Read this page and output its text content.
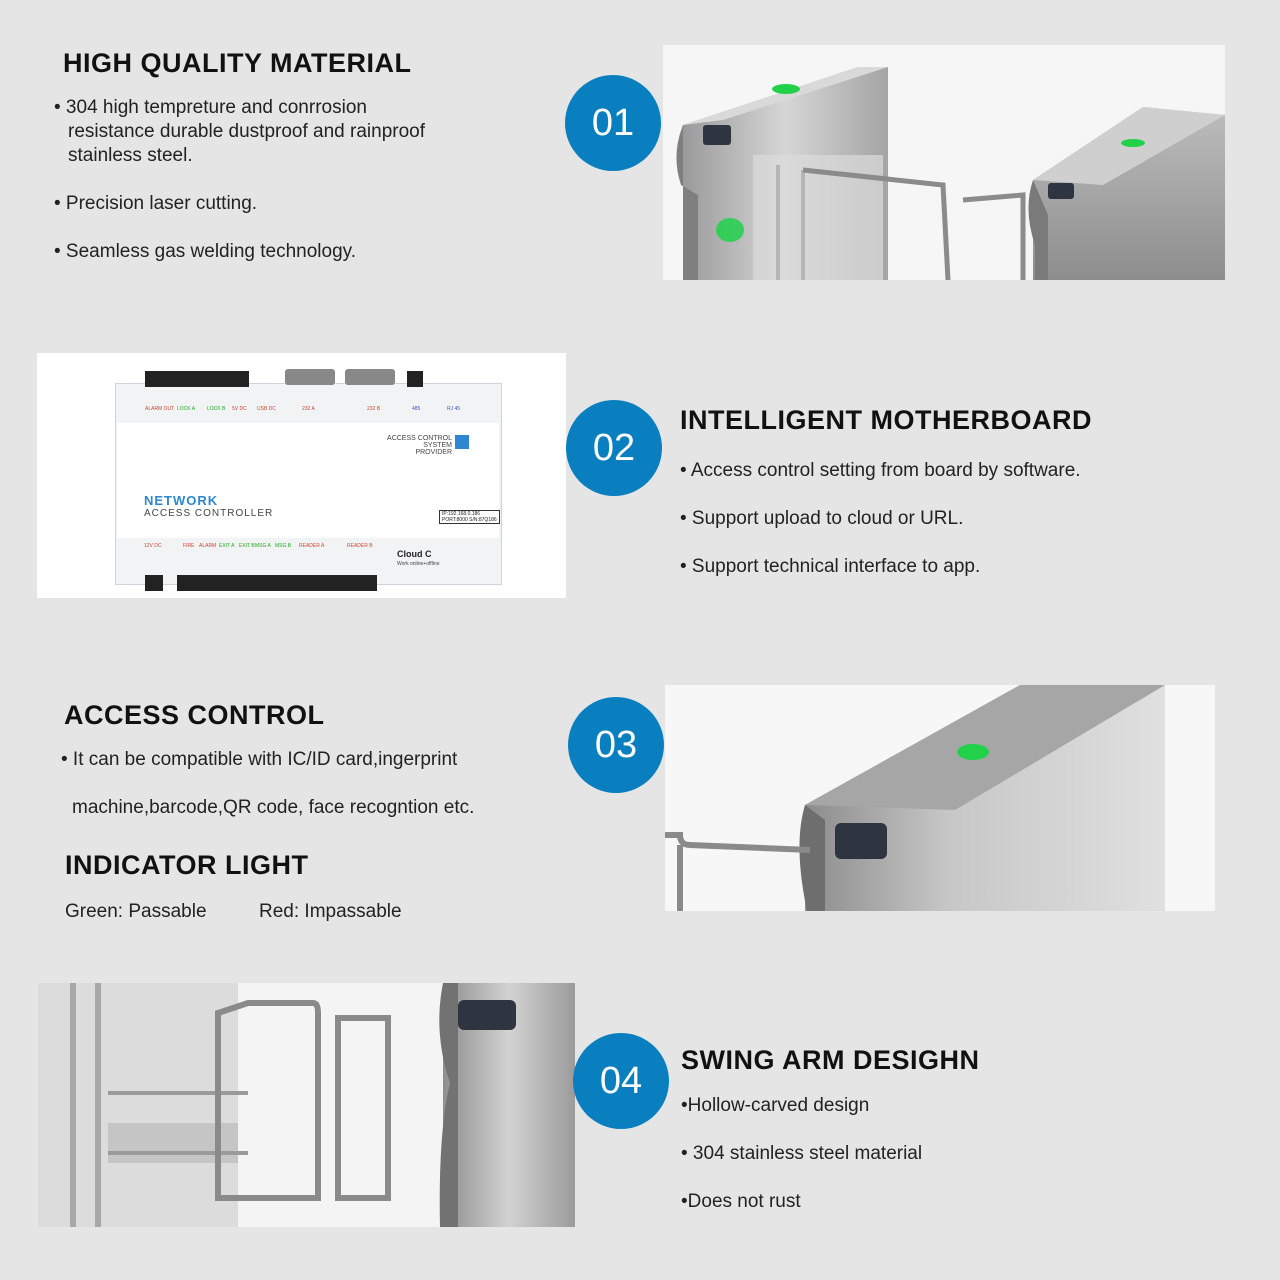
HIGH QUALITY MATERIAL
• 304 high tempreture and conrrosion
resistance durable dustproof and rainproof
stainless steel.
• Precision laser cutting.
• Seamless gas welding technology.
01
ALARM OUT LOCK A LOCK B 5V DC USB DC	232 A	232 B	485	RJ 45
ACCESS CONTROL SYSTEM
PROVIDER
NETWORK
ACCESS CONTROLLER	IP:192.168.0.186
PORT:8000 S/N:87Q186
12V DC	FIRE ALARM EXIT A EXIT B MSG A MSG B READER A	READER B
Cloud C
Work online+offline
02
INTELLIGENT MOTHERBOARD
• Access control setting from board by software.
• Support upload to cloud or URL.
• Support technical interface to app.
ACCESS CONTROL
• It can be compatible with IC/ID card,ingerprint
machine,barcode,QR code, face recogntion etc.
INDICATOR LIGHT
Green: Passable	Red: Impassable
03
04	SWING ARM DESIGHN
•Hollow-carved design
• 304 stainless steel material
•Does not rust
